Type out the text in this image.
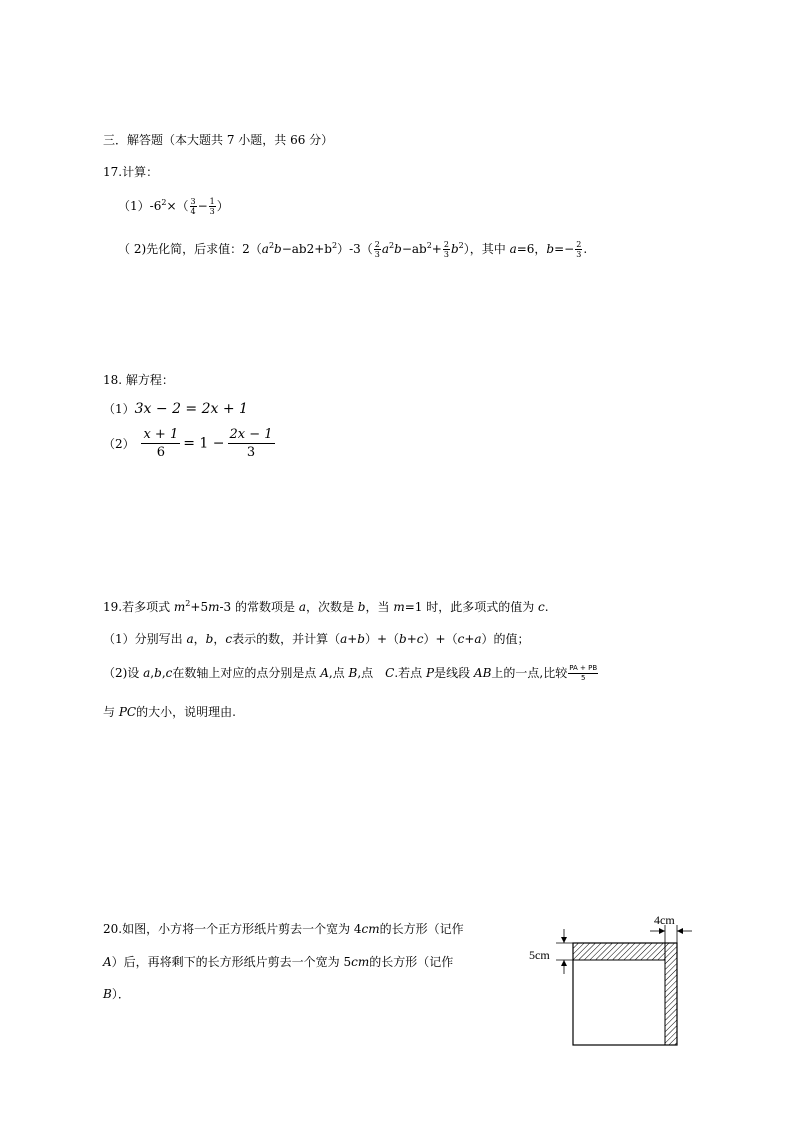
三．解答题（本大题共 7 小题，共 66 分）
17.计算：
$(1)-6^2\times( \frac{3}{4} - \frac{1}{3}$ ）
（ 2)先化简，后求值：$2(a^2b-ab2+b^2)-3( \frac{2}{3} a^2b-ab^2+ \frac{2}{3} b^2)$，其中 a=6，$b=- \frac{2}{3}$ .
18. 解方程：
（1）3x − 2 = 2x + 1
$(2) \frac{x + 1}{6} = 1 - \frac{2x - 1}{3}$
19.若多项式 $m^2+5m-3$ 的常数项是 a，次数是 b，当 m=1 时，此多项式的值为 c.
（1）分别写出 a，b，c表示的数，并计算（a+b）+（b+c）+（c+a）的值；
（2)设 a,b,c在数轴上对应的点分别是点 A,点 B,点　C.若点 P是线段 AB上的一点,比较 $\frac{PA + PB}{5}$
与 PC的大小，说明理由.
20.如图，小方将一个正方形纸片剪去一个宽为 4cm的长方形（记作
A）后，再将剩下的长方形纸片剪去一个宽为 5cm的长方形（记作
B）．
4cm
5cm
